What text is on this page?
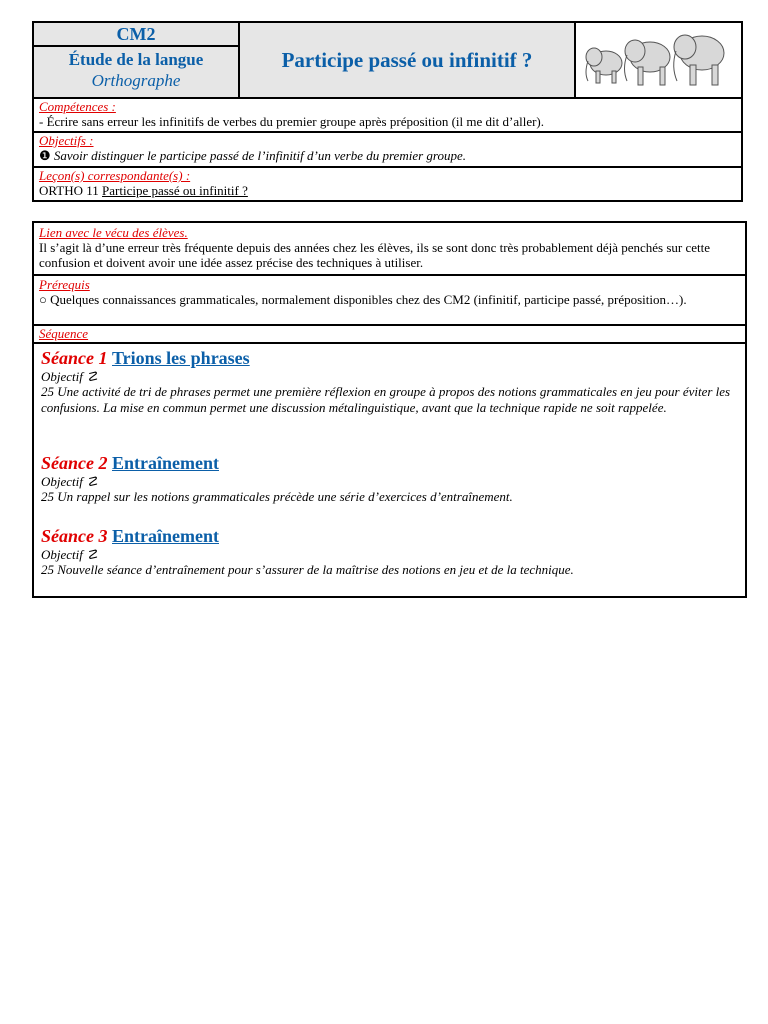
CM2
Étude de la langue
Orthographe
Participe passé ou infinitif ?
Compétences :
- Écrire sans erreur les infinitifs de verbes du premier groupe après préposition (il me dit d’aller).
Objectifs :
❶ Savoir distinguer le participe passé de l’infinitif d’un verbe du premier groupe.
Leçon(s) correspondante(s) :
ORTHO 11 Participe passé ou infinitif ?
Lien avec le vécu des élèves.
Il s’agit là d’une erreur très fréquente depuis des années chez les élèves, ils se sont donc très probablement déjà penchés sur cette confusion et doivent avoir une idée assez précise des techniques à utiliser.
Prérequis
○ Quelques connaissances grammaticales, normalement disponibles chez des CM2 (infinitif, participe passé, préposition…).
Séquence
Séance 1 Trions les phrases
Objectif ☡
25 Une activité de tri de phrases permet une première réflexion en groupe à propos des notions grammaticales en jeu pour éviter les confusions. La mise en commun permet une discussion métalinguistique, avant que la technique rapide ne soit rappelée.
Séance 2 Entraînement
Objectif ☡
25 Un rappel sur les notions grammaticales précède une série d’exercices d’entraînement.
Séance 3 Entraînement
Objectif ☡
25 Nouvelle séance d’entraînement pour s’assurer de la maîtrise des notions en jeu et de la technique.
